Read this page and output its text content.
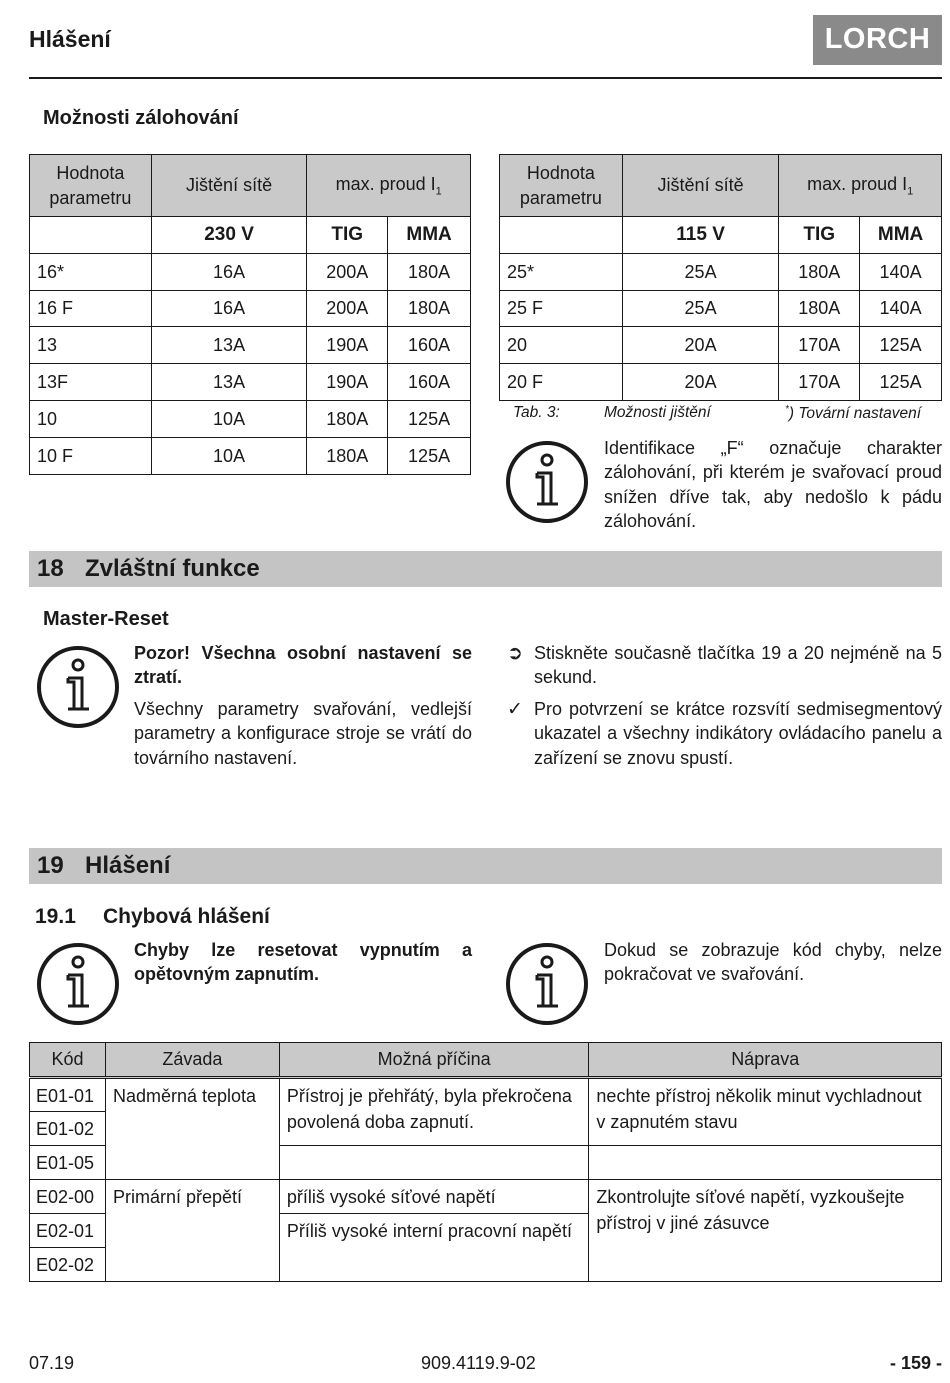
Hlášení	LORCH
Možnosti zálohování
Hodnota parametru	Jištění sítě	max. proud $I_1$
	230 V	TIG	MMA
16*	16A	200A	180A
16 F	16A	200A	180A
13	13A	190A	160A
13F	13A	190A	160A
10	10A	180A	125A
10 F	10A	180A	125A
Hodnota parametru	Jištění sítě	max. proud $I_1$
	115 V	TIG	MMA
25*	25A	180A	140A
25 F	25A	180A	140A
20	20A	170A	125A
20 F	20A	170A	125A
Tab. 3:	Možnosti jištění	*) Tovární nastavení
Identifikace „F“ označuje charakter zálohování, při kterém je svařovací proud snížen dříve tak, aby nedošlo k pádu zálohování.
18 Zvláštní funkce
Master-Reset
Pozor! Všechna osobní nastavení se ztratí.
Všechny parametry svařování, vedlejší parametry a konfigurace stroje se vrátí do továrního nastavení.
➲ Stiskněte současně tlačítka 19 a 20 nejméně na 5 sekund.
✓ Pro potvrzení se krátce rozsvítí sedmisegmentový ukazatel a všechny indikátory ovládacího panelu a zařízení se znovu spustí.
19 Hlášení
19.1 Chybová hlášení
Chyby lze resetovat vypnutím a opětovným zapnutím.
Dokud se zobrazuje kód chyby, nelze pokračovat ve svařování.
Kód	Závada	Možná příčina	Náprava
E01-01	Nadměrná teplota	Přístroj je přehřátý, byla překročena povolená doba zapnutí.	nechte přístroj několik minut vychladnout v zapnutém stavu
E01-02			
E01-05			
E02-00	Primární přepětí	příliš vysoké síťové napětí	Zkontrolujte síťové napětí, vyzkoušejte přístroj v jiné zásuvce
E02-01		Příliš vysoké interní pracovní napětí	
E02-02			
07.19	909.4119.9-02	- 159 -
